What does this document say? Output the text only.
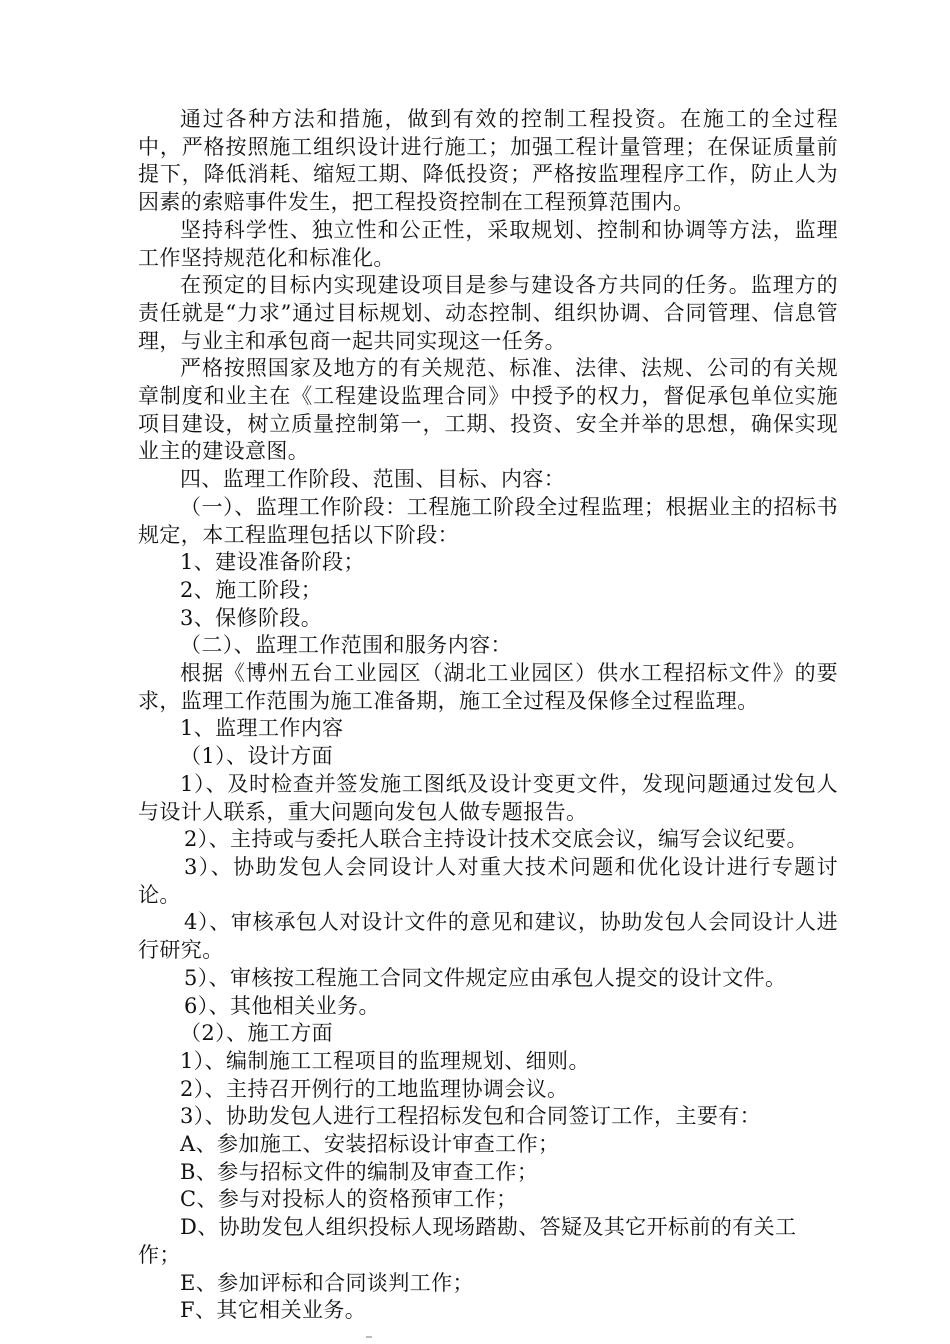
通过各种方法和措施，做到有效的控制工程投资。在施工的全过程中，严格按照施工组织设计进行施工；加强工程计量管理；在保证质量前提下，降低消耗、缩短工期、降低投资；严格按监理程序工作，防止人为因素的索赔事件发生，把工程投资控制在工程预算范围内。

坚持科学性、独立性和公正性，采取规划、控制和协调等方法，监理工作坚持规范化和标准化。

在预定的目标内实现建设项目是参与建设各方共同的任务。监理方的责任就是“力求”通过目标规划、动态控制、组织协调、合同管理、信息管理，与业主和承包商一起共同实现这一任务。

严格按照国家及地方的有关规范、标准、法律、法规、公司的有关规章制度和业主在《工程建设监理合同》中授予的权力，督促承包单位实施项目建设，树立质量控制第一，工期、投资、安全并举的思想，确保实现业主的建设意图。

四、监理工作阶段、范围、目标、内容：

（一）、监理工作阶段：工程施工阶段全过程监理；根据业主的招标书规定，本工程监理包括以下阶段：

1、建设准备阶段；

2、施工阶段；

3、保修阶段。

（二）、监理工作范围和服务内容：

根据《博州五台工业园区（湖北工业园区）供水工程招标文件》的要求，监理工作范围为施工准备期，施工全过程及保修全过程监理。

1、监理工作内容

（1）、设计方面

1）、及时检查并签发施工图纸及设计变更文件，发现问题通过发包人与设计人联系，重大问题向发包人做专题报告。

2）、主持或与委托人联合主持设计技术交底会议，编写会议纪要。

3）、协助发包人会同设计人对重大技术问题和优化设计进行专题讨论。

4）、审核承包人对设计文件的意见和建议，协助发包人会同设计人进行研究。

5）、审核按工程施工合同文件规定应由承包人提交的设计文件。

6）、其他相关业务。

（2）、施工方面

1）、编制施工工程项目的监理规划、细则。

2）、主持召开例行的工地监理协调会议。

3）、协助发包人进行工程招标发包和合同签订工作，主要有：

A、参加施工、安装招标设计审查工作；

B、参与招标文件的编制及审查工作；

C、参与对投标人的资格预审工作；

D、协助发包人组织投标人现场踏勘、答疑及其它开标前的有关工作；

E、参加评标和合同谈判工作；

F、其它相关业务。
